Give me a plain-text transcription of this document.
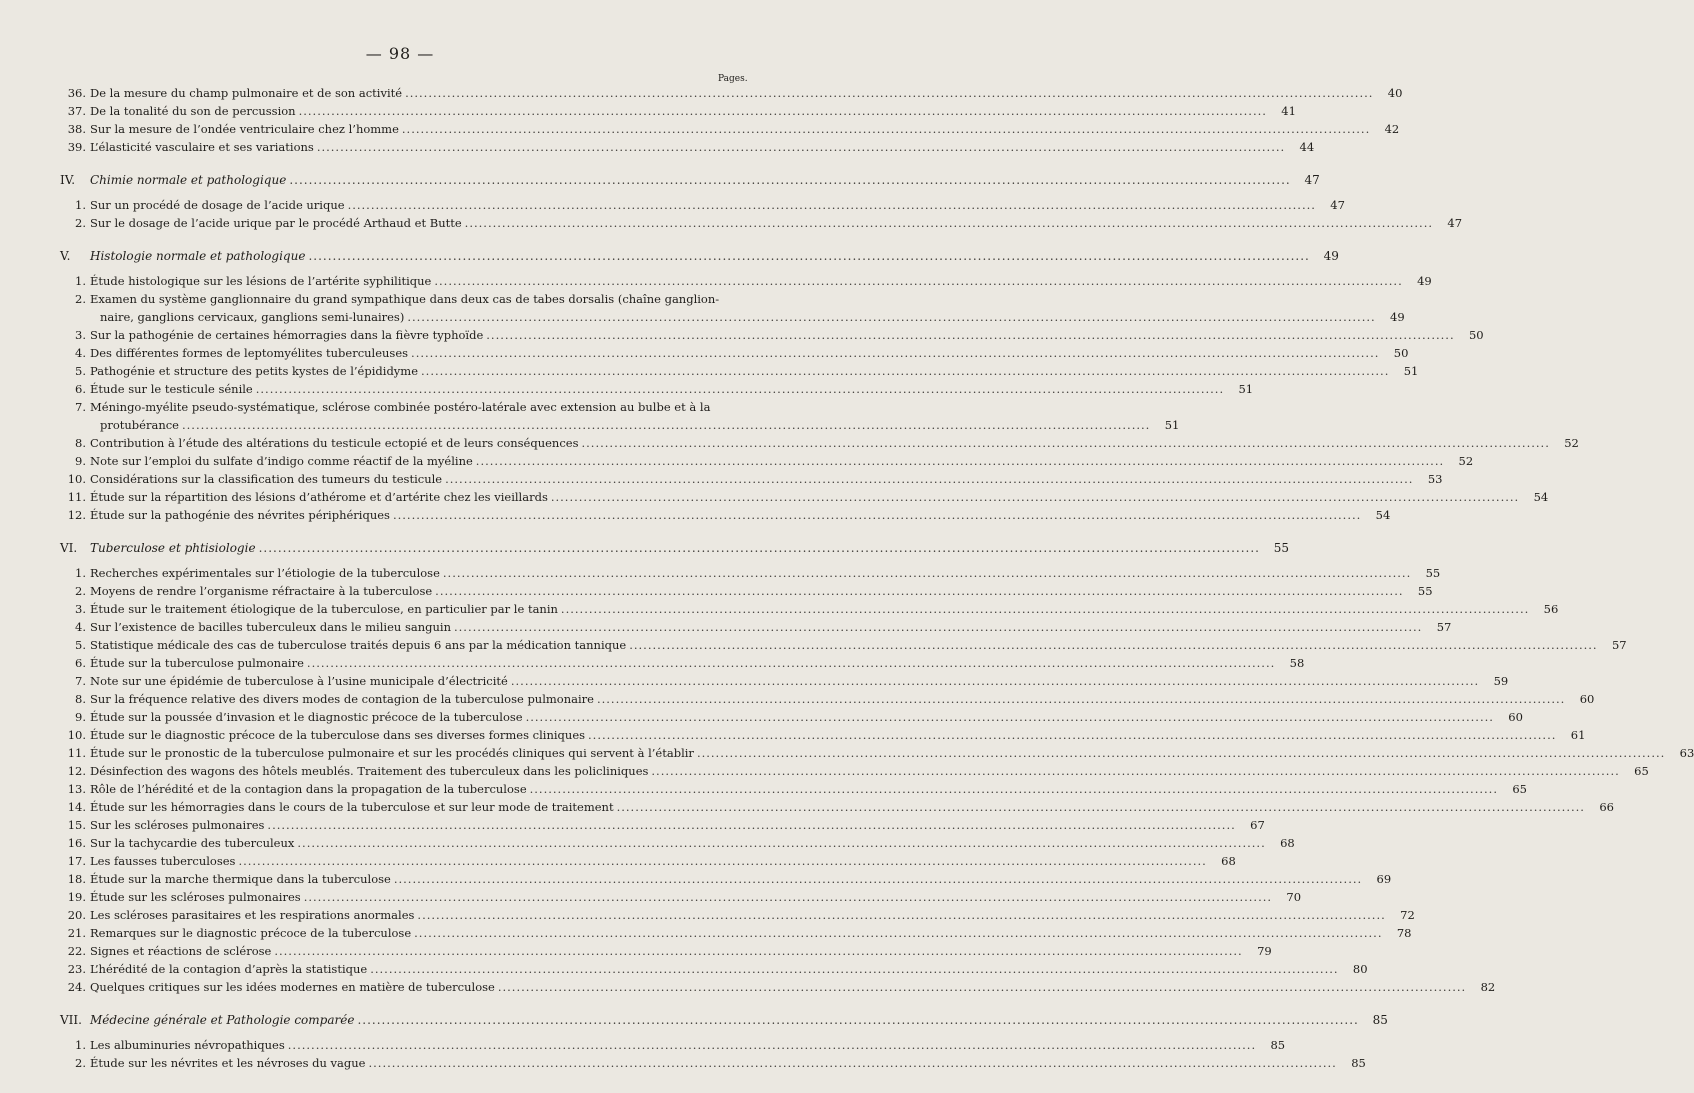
— 98 —
Pages.
36. De la mesure du champ pulmonaire et de son activité .....	40
37. De la tonalité du son de percussion .....	41
38. Sur la mesure de l’ondée ventriculaire chez l’homme .....	42
39. L’élasticité vasculaire et ses variations .....	44
IV.	Chimie normale et pathologique .....	47
1. Sur un procédé de dosage de l’acide urique .....	47
2. Sur le dosage de l’acide urique par le procédé Arthaud et Butte .....	47
V.	Histologie normale et pathologique .....	49
1. Étude histologique sur les lésions de l’artérite syphilitique .....	49
2. Examen du système ganglionnaire du grand sympathique dans deux cas de tabes dorsalis (chaîne ganglion-
naire, ganglions cervicaux, ganglions semi-lunaires) .....	49
3. Sur la pathogénie de certaines hémorragies dans la fièvre typhoïde .....	50
4. Des différentes formes de leptomyélites tuberculeuses .....	50
5. Pathogénie et structure des petits kystes de l’épididyme .....	51
6. Étude sur le testicule sénile .....	51
7. Méningo-myélite pseudo-systématique, sclérose combinée postéro-latérale avec extension au bulbe et à la
protubérance .....	51
8. Contribution à l’étude des altérations du testicule ectopié et de leurs conséquences .....	52
9. Note sur l’emploi du sulfate d’indigo comme réactif de la myéline .....	52
10. Considérations sur la classification des tumeurs du testicule .....	53
11. Étude sur la répartition des lésions d’athérome et d’artérite chez les vieillards .....	54
12. Étude sur la pathogénie des névrites périphériques .....	54
VI.	Tuberculose et phtisiologie .....	55
1. Recherches expérimentales sur l’étiologie de la tuberculose .....	55
2. Moyens de rendre l’organisme réfractaire à la tuberculose .....	55
3. Étude sur le traitement étiologique de la tuberculose, en particulier par le tanin .....	56
4. Sur l’existence de bacilles tuberculeux dans le milieu sanguin .....	57
5. Statistique médicale des cas de tuberculose traités depuis 6 ans par la médication tannique .....	57
6. Étude sur la tuberculose pulmonaire .....	58
7. Note sur une épidémie de tuberculose à l’usine municipale d’électricité .....	59
8. Sur la fréquence relative des divers modes de contagion de la tuberculose pulmonaire .....	60
9. Étude sur la poussée d’invasion et le diagnostic précoce de la tuberculose .....	60
10. Étude sur le diagnostic précoce de la tuberculose dans ses diverses formes cliniques .....	61
11. Étude sur le pronostic de la tuberculose pulmonaire et sur les procédés cliniques qui servent à l’établir .....	63
12. Désinfection des wagons des hôtels meublés. Traitement des tuberculeux dans les policliniques .....	65
13. Rôle de l’hérédité et de la contagion dans la propagation de la tuberculose .....	65
14. Étude sur les hémorragies dans le cours de la tuberculose et sur leur mode de traitement .....	66
15. Sur les scléroses pulmonaires .....	67
16. Sur la tachycardie des tuberculeux .....	68
17. Les fausses tuberculoses .....	68
18. Étude sur la marche thermique dans la tuberculose .....	69
19. Étude sur les scléroses pulmonaires .....	70
20. Les scléroses parasitaires et les respirations anormales .....	72
21. Remarques sur le diagnostic précoce de la tuberculose .....	78
22. Signes et réactions de sclérose .....	79
23. L’hérédité de la contagion d’après la statistique .....	80
24. Quelques critiques sur les idées modernes en matière de tuberculose .....	82
VII. Médecine générale et Pathologie comparée .....	85
1. Les albuminuries névropathiques .....	85
2. Étude sur les névrites et les névroses du vague .....	85
